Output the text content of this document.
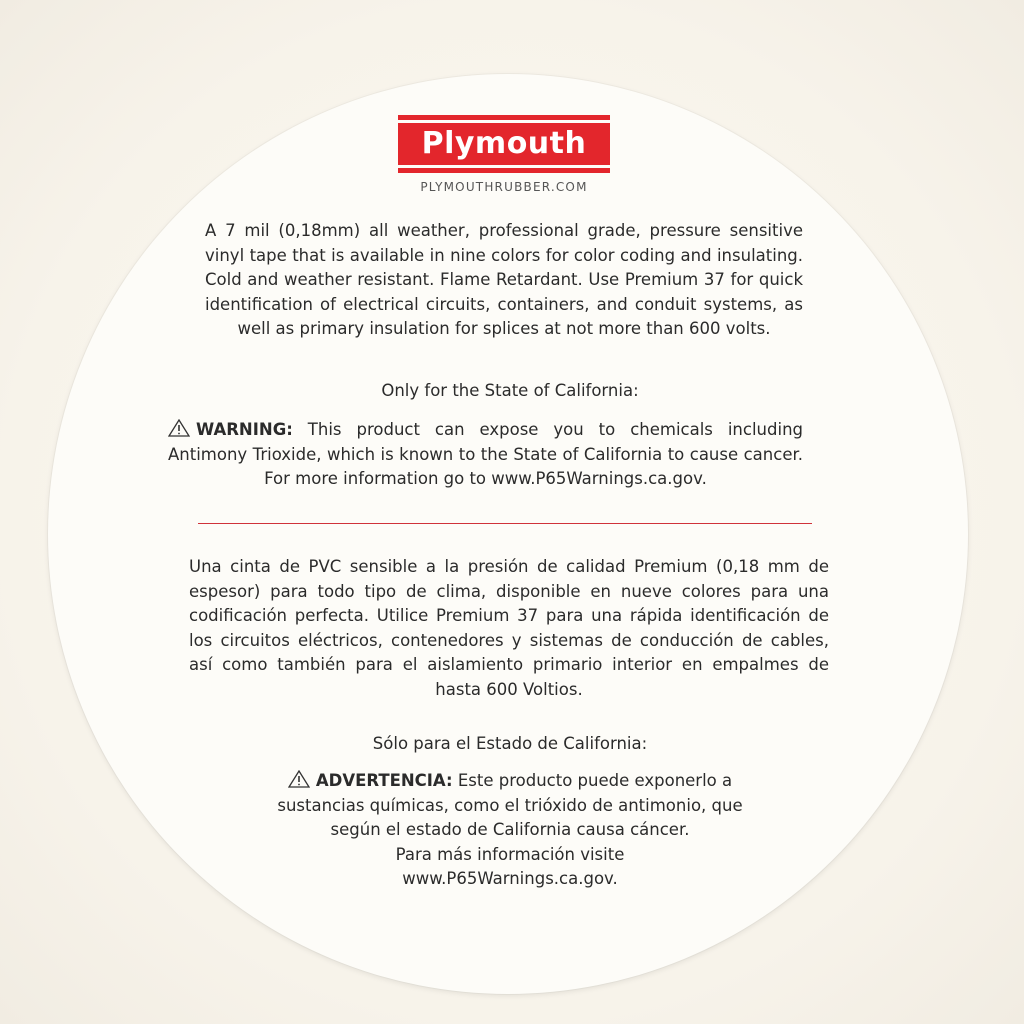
Plymouth
PLYMOUTHRUBBER.COM
A 7 mil (0,18mm) all weather, professional grade, pressure sensitive vinyl tape that is available in nine colors for color coding and insulating. Cold and weather resistant. Flame Retardant. Use Premium 37 for quick identification of electrical circuits, containers, and conduit systems, as well as primary insulation for splices at not more than 600 volts.
Only for the State of California:
WARNING: This product can expose you to chemicals including Antimony Trioxide, which is known to the State of California to cause cancer. For more information go to www.P65Warnings.ca.gov.
Una cinta de PVC sensible a la presión de calidad Premium (0,18 mm de espesor) para todo tipo de clima, disponible en nueve colores para una codificación perfecta. Utilice Premium 37 para una rápida identificación de los circuitos eléctricos, contenedores y sistemas de conducción de cables, así como también para el aislamiento primario interior en empalmes de hasta 600 Voltios.
Sólo para el Estado de California:
ADVERTENCIA: Este producto puede exponerlo a
sustancias químicas, como el trióxido de antimonio, que
según el estado de California causa cáncer.
Para más información visite
www.P65Warnings.ca.gov.
